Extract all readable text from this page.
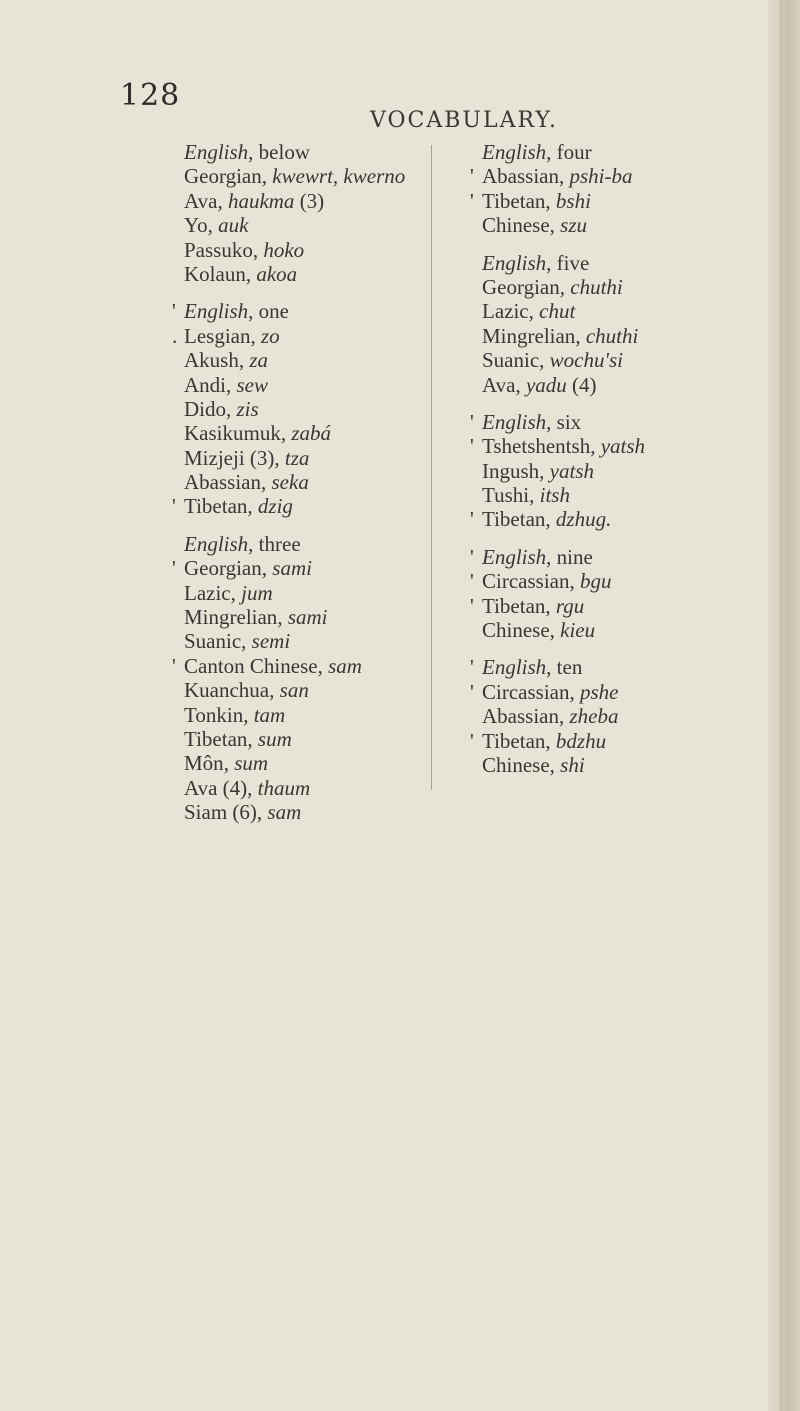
128
VOCABULARY.
English, below
Georgian, kwewrt, kwerno
Ava, haukma (3)
Yo, auk
Passuko, hoko
Kolaun, akoa
' English, one
. Lesgian, zo
Akush, za
Andi, sew
Dido, zis
Kasikumuk, zabá
Mizjeji (3), tza
Abassian, seka
' Tibetan, dzig
English, three
' Georgian, sami
Lazic, jum
Mingrelian, sami
Suanic, semi
' Canton Chinese, sam
Kuanchua, san
Tonkin, tam
Tibetan, sum
Môn, sum
Ava (4), thaum
Siam (6), sam
English, four
' Abassian, pshi-ba
' Tibetan, bshi
Chinese, szu
English, five
Georgian, chuthi
Lazic, chut
Mingrelian, chuthi
Suanic, wochu'si
Ava, yadu (4)
' English, six
' Tshetshentsh, yatsh
Ingush, yatsh
Tushi, itsh
' Tibetan, dzhug.
' English, nine
' Circassian, bgu
' Tibetan, rgu
Chinese, kieu
' English, ten
' Circassian, pshe
Abassian, zheba
' Tibetan, bdzhu
Chinese, shi
